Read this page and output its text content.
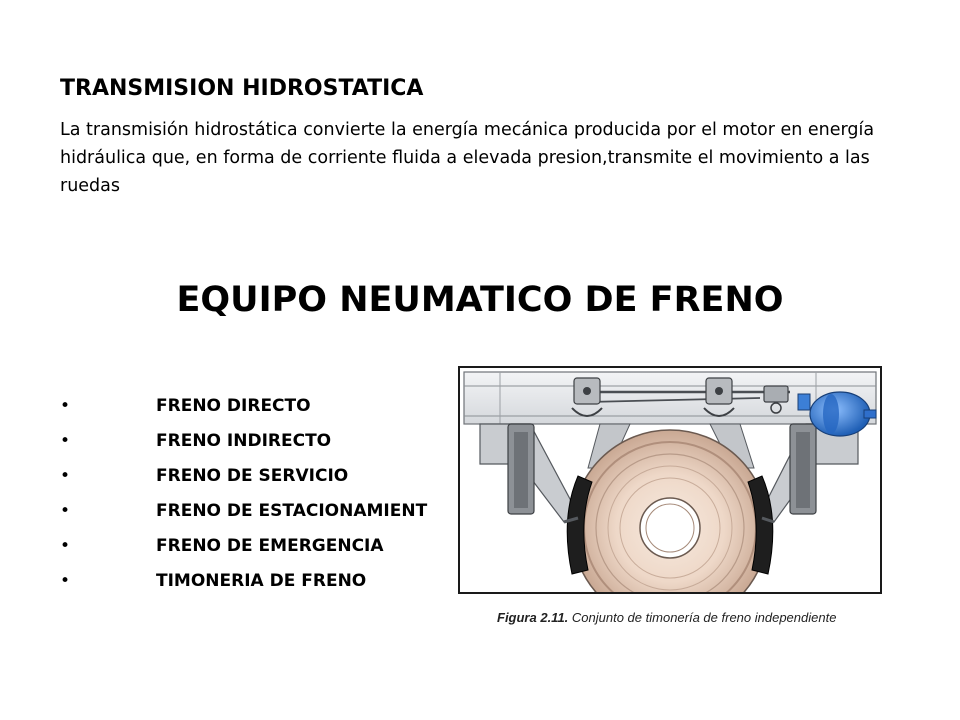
TRANSMISION HIDROSTATICA

La transmisión hidrostática convierte la energía mecánica producida por el motor en energía hidráulica que, en forma de corriente fluida a elevada presion,transmite el movimiento a las ruedas

EQUIPO NEUMATICO DE FRENO
•	FRENO DIRECTO
•	FRENO INDIRECTO
•	FRENO DE SERVICIO
•	FRENO DE ESTACIONAMIENT
•	FRENO DE EMERGENCIA
•	TIMONERIA DE FRENO
Figura 2.11. Conjunto de timonería de freno independiente
